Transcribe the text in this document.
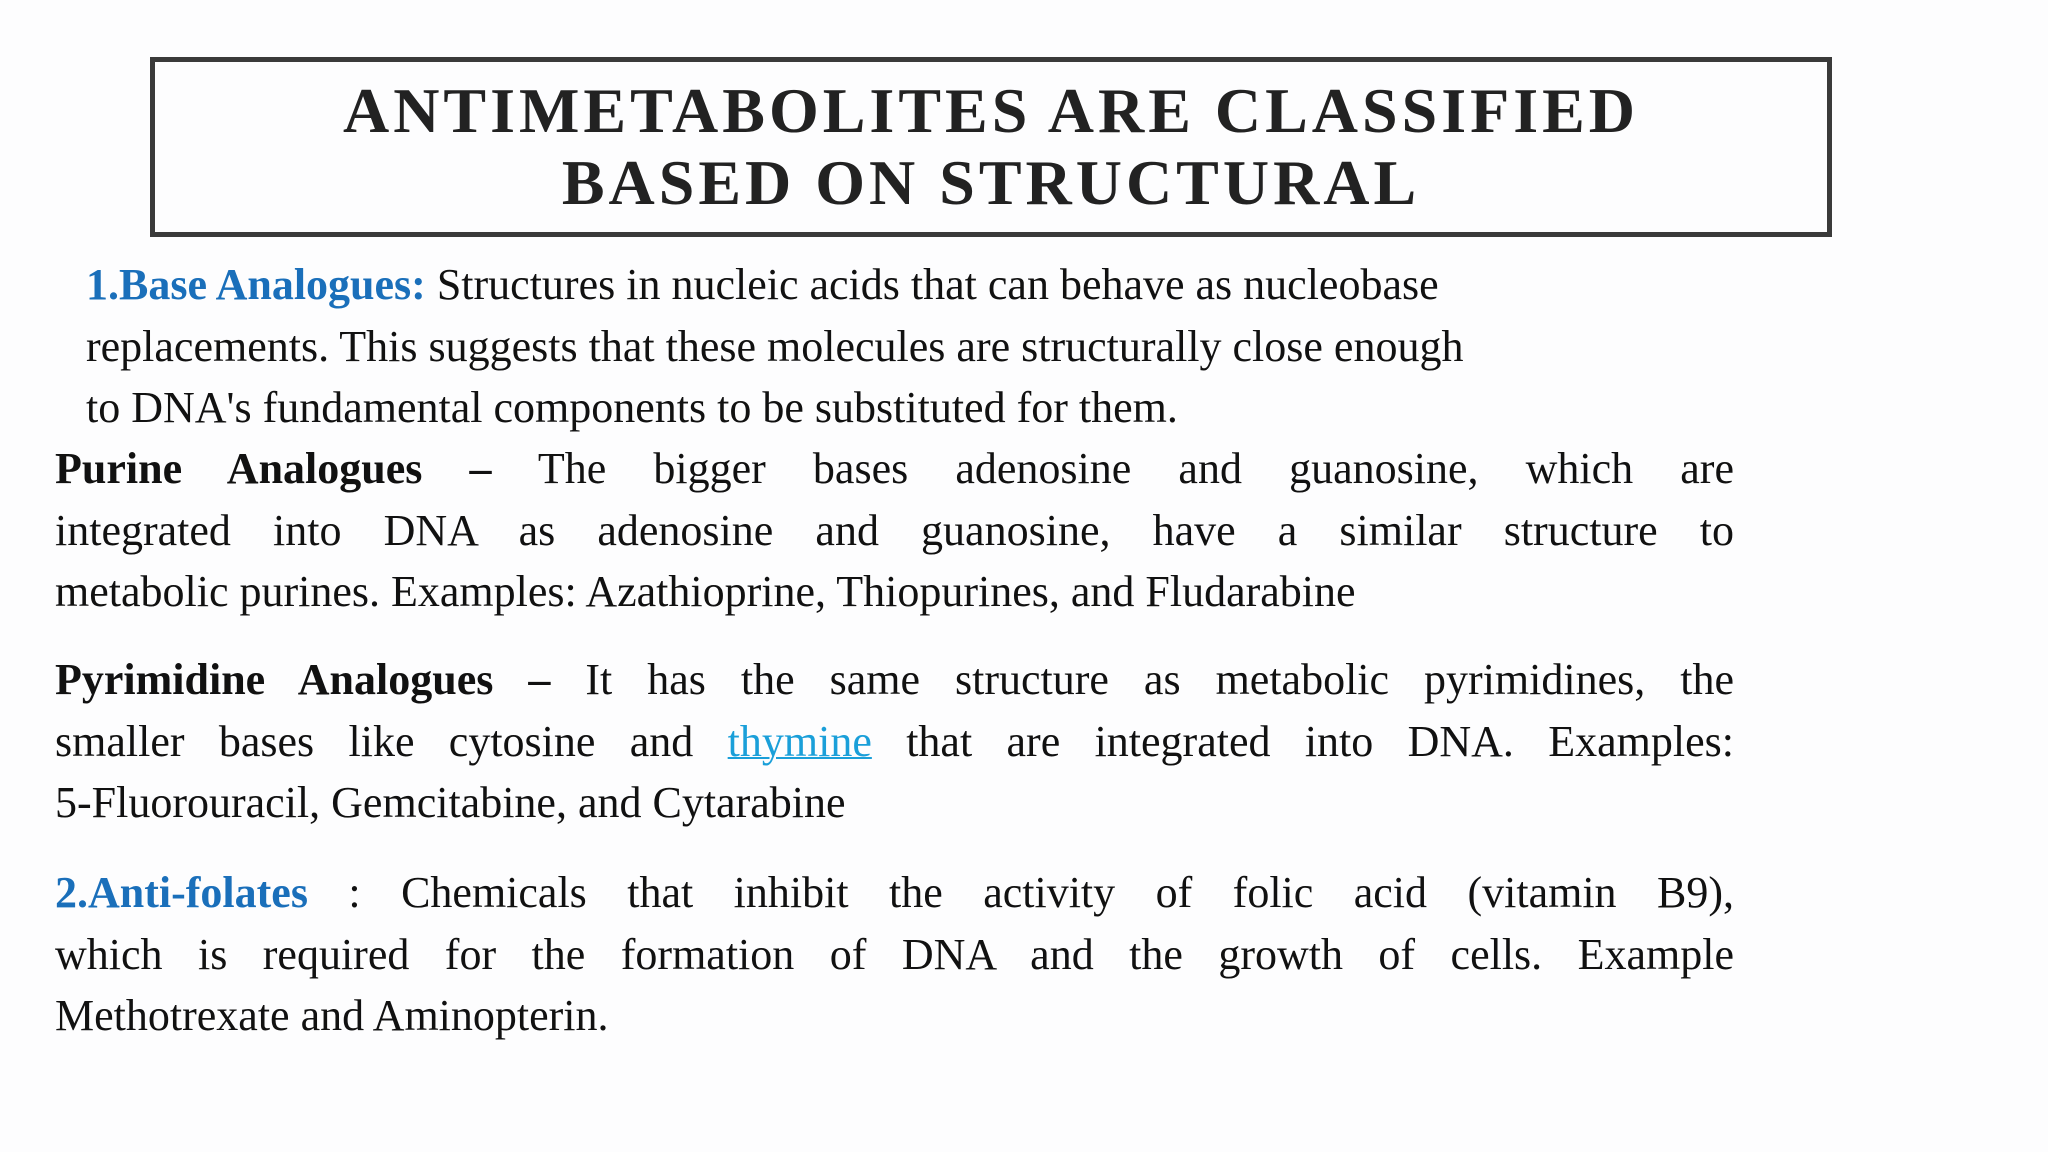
ANTIMETABOLITES ARE CLASSIFIED
BASED ON STRUCTURAL
1.Base Analogues: Structures in nucleic acids that can behave as nucleobase
replacements. This suggests that these molecules are structurally close enough
to DNA's fundamental components to be substituted for them.
Purine Analogues – The bigger bases adenosine and guanosine, which are
integrated into DNA as adenosine and guanosine, have a similar structure to
metabolic purines. Examples: Azathioprine, Thiopurines, and Fludarabine
Pyrimidine Analogues – It has the same structure as metabolic pyrimidines, the
smaller bases like cytosine and thymine that are integrated into DNA. Examples:
5-Fluorouracil, Gemcitabine, and Cytarabine
2.Anti-folates : Chemicals that inhibit the activity of folic acid (vitamin B9),
which is required for the formation of DNA and the growth of cells. Example
Methotrexate and Aminopterin.
